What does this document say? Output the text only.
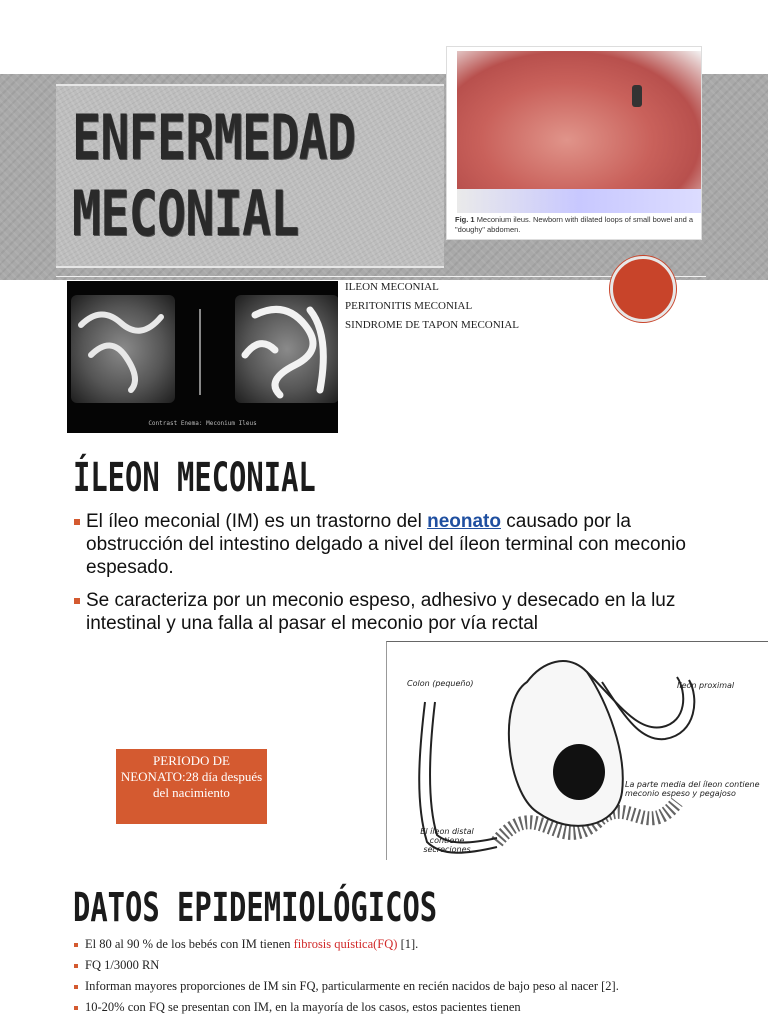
ENFERMEDAD
MECONIAL	Fig. 1 Meconium ileus. Newborn with dilated loops of small bowel and a "doughy" abdomen.
Contrast Enema: Meconium Ileus
ILEON MECONIAL
PERITONITIS MECONIAL
SINDROME DE TAPON MECONIAL
ÍLEON MECONIAL
El íleo meconial (IM) es un trastorno del neonato causado por la obstrucción del intestino delgado a nivel del íleon terminal con meconio espesado.
Se caracteriza por un meconio espeso, adhesivo y desecado en la luz intestinal y una falla al pasar el meconio por vía rectal
Colon (pequeño)	Ileon proximal
La parte media del íleon contiene meconio espeso y pegajoso
El íleon distal contiene secreciones
PERIODO DE NEONATO:28 día después del nacimiento
DATOS EPIDEMIOLÓGICOS
El 80 al 90 % de los bebés con IM tienen fibrosis quística(FQ) [1].
FQ 1/3000 RN
Informan mayores proporciones de IM sin FQ, particularmente en recién nacidos de bajo peso al nacer [2].
10-20% con FQ se presentan con IM, en la mayoría de los casos, estos pacientes tienen
